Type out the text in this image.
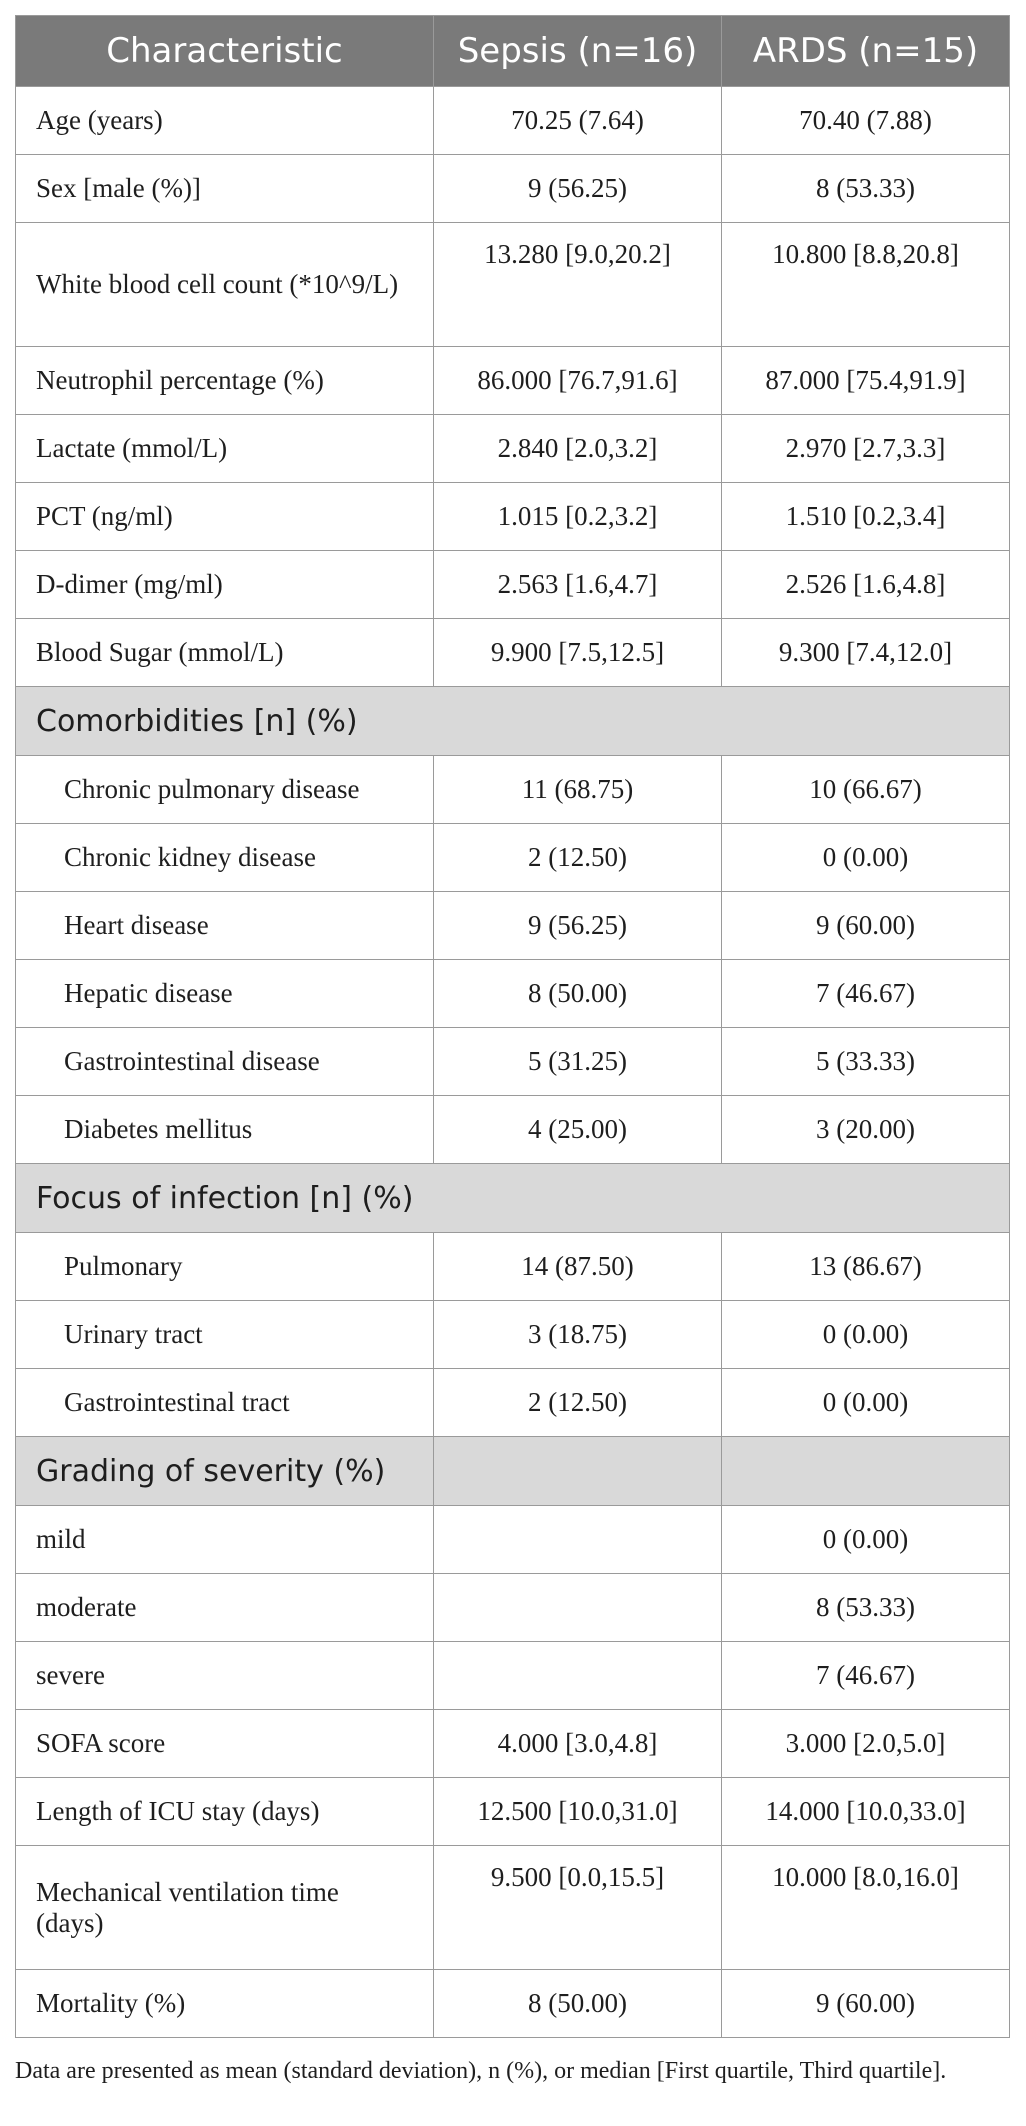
Characteristic	Sepsis (n=16)	ARDS (n=15)
Age (years)	70.25 (7.64)	70.40 (7.88)
Sex [male (%)]	9 (56.25)	8 (53.33)
White blood cell count (*10^9/L)	13.280 [9.0,20.2]	10.800 [8.8,20.8]
Neutrophil percentage (%)	86.000 [76.7,91.6]	87.000 [75.4,91.9]
Lactate (mmol/L)	2.840 [2.0,3.2]	2.970 [2.7,3.3]
PCT (ng/ml)	1.015 [0.2,3.2]	1.510 [0.2,3.4]
D-dimer (mg/ml)	2.563 [1.6,4.7]	2.526 [1.6,4.8]
Blood Sugar (mmol/L)	9.900 [7.5,12.5]	9.300 [7.4,12.0]
Comorbidities [n] (%)		
Chronic pulmonary disease	11 (68.75)	10 (66.67)
Chronic kidney disease	2 (12.50)	0 (0.00)
Heart disease	9 (56.25)	9 (60.00)
Hepatic disease	8 (50.00)	7 (46.67)
Gastrointestinal disease	5 (31.25)	5 (33.33)
Diabetes mellitus	4 (25.00)	3 (20.00)
Focus of infection [n] (%)		
Pulmonary	14 (87.50)	13 (86.67)
Urinary tract	3 (18.75)	0 (0.00)
Gastrointestinal tract	2 (12.50)	0 (0.00)
Grading of severity (%)		
mild		0 (0.00)
moderate		8 (53.33)
severe		7 (46.67)
SOFA score	4.000 [3.0,4.8]	3.000 [2.0,5.0]
Length of ICU stay (days)	12.500 [10.0,31.0]	14.000 [10.0,33.0]
Mechanical ventilation time (days)	9.500 [0.0,15.5]	10.000 [8.0,16.0]
Mortality (%)	8 (50.00)	9 (60.00)
Data are presented as mean (standard deviation), n (%), or median [First quartile, Third quartile].
